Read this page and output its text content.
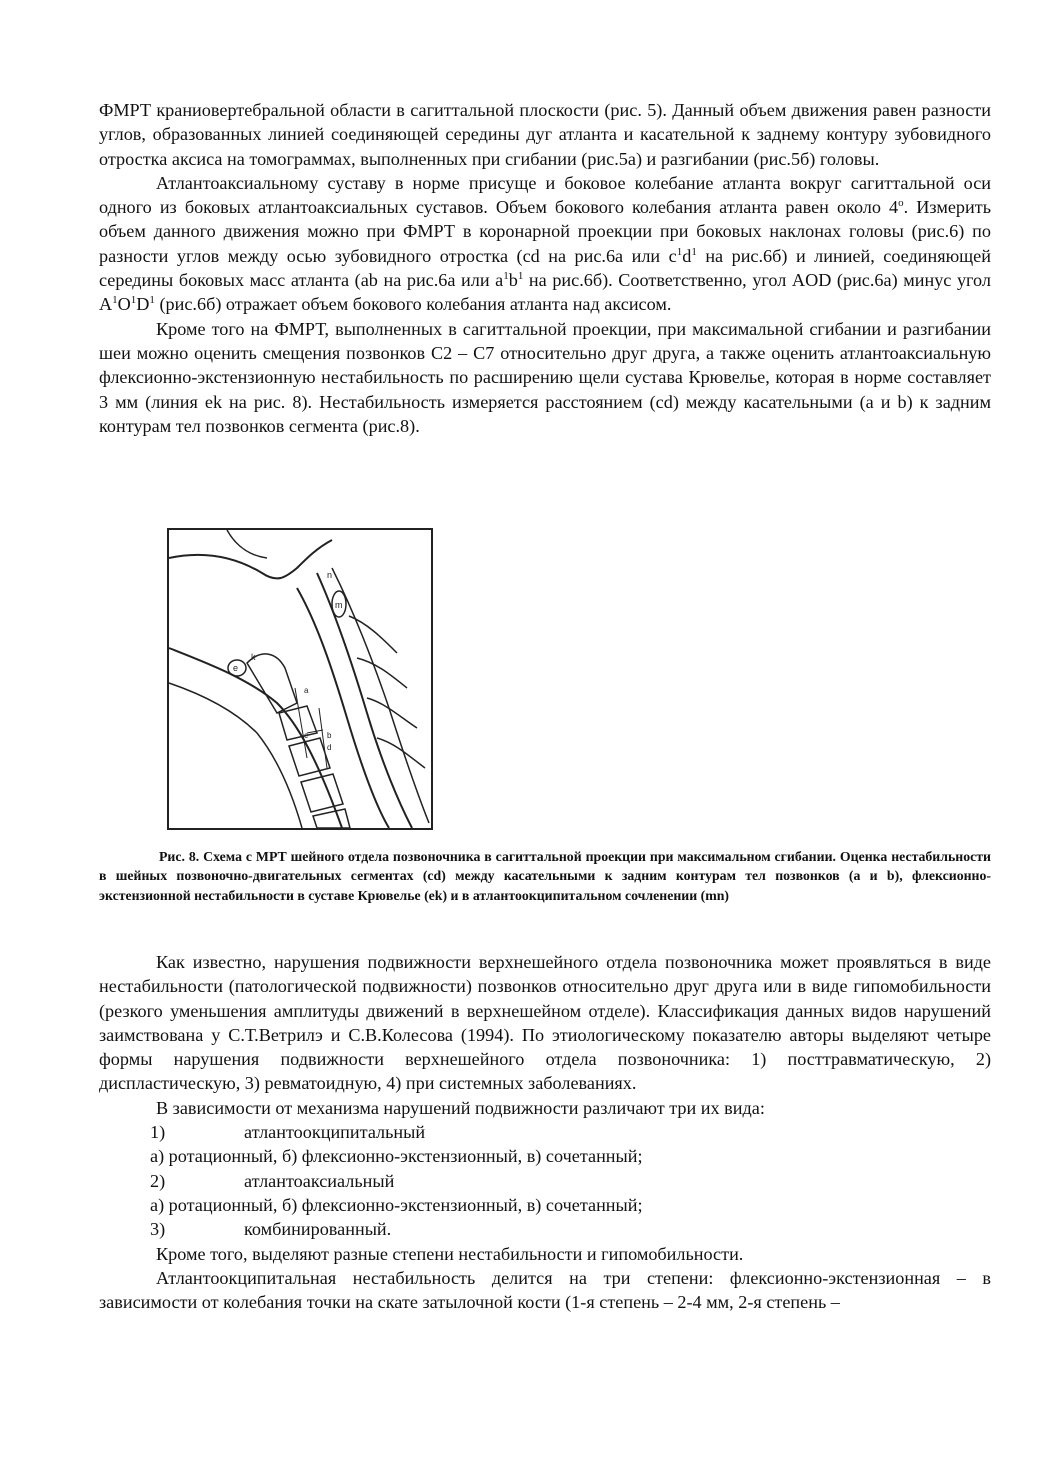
ФМРТ краниовертебральной области в сагиттальной плоскости (рис. 5). Данный объем движения равен разности углов, образованных линией соединяющей середины дуг атланта и касательной к заднему контуру зубовидного отростка аксиса на томограммах, выполненных при сгибании (рис.5а) и разгибании (рис.5б) головы.

Атлантоаксиальному суставу в норме присуще и боковое колебание атланта вокруг сагиттальной оси одного из боковых атлантоаксиальных суставов. Объем бокового колебания атланта равен около 4$^o$. Измерить объем данного движения можно при ФМРТ в коронарной проекции при боковых наклонах головы (рис.6) по разности углов между осью зубовидного отростка (cd на рис.6а или $c^1d^1$ на рис.6б) и линией, соединяющей середины боковых масс атланта (ab на рис.6а или $a^1b^1$ на рис.6б). Соответственно, угол AOD (рис.6а) минус угол $A^1O^1D^1$ (рис.6б) отражает объем бокового колебания атланта над аксисом.

Кроме того на ФМРТ, выполненных в сагиттальной проекции, при максимальной сгибании и разгибании шеи можно оценить смещения позвонков C2 – C7 относительно друг друга, а также оценить атлантоаксиальную флексионно-экстензионную нестабильность по расширению щели сустава Крювелье, которая в норме составляет 3 мм (линия ek на рис. 8). Нестабильность измеряется расстоянием (cd) между касательными (a и b) к задним контурам тел позвонков сегмента (рис.8).

m
n
e
k
a
b
c
d

Рис. 8. Схема с МРТ шейного отдела позвоночника в сагиттальной проекции при максимальном сгибании. Оценка нестабильности в шейных позвоночно-двигательных сегментах (cd) между касательными к задним контурам тел позвонков (a и b), флексионно-экстензионной нестабильности в суставе Крювелье (ek) и в атлантоокципитальном сочленении (mn)

Как известно, нарушения подвижности верхнешейного отдела позвоночника может проявляться в виде нестабильности (патологической подвижности) позвонков относительно друг друга или в виде гипомобильности (резкого уменьшения амплитуды движений в верхнешейном отделе). Классификация данных видов нарушений заимствована у С.Т.Ветрилэ и С.В.Колесова (1994). По этиологическому показателю авторы выделяют четыре формы нарушения подвижности верхнешейного отдела позвоночника: 1) посттравматическую, 2) диспластическую, 3) ревматоидную, 4) при системных заболеваниях.

В зависимости от механизма нарушений подвижности различают три их вида:

1)	атлантоокципитальный

а) ротационный, б) флексионно-экстензионный, в) сочетанный;

2)	атлантоаксиальный

а) ротационный, б) флексионно-экстензионный, в) сочетанный;

3)	комбинированный.

Кроме того, выделяют разные степени нестабильности и гипомобильности.

Атлантоокципитальная нестабильность делится на три степени: флексионно-экстензионная – в зависимости от колебания точки на скате затылочной кости (1-я степень – 2-4 мм, 2-я степень –
